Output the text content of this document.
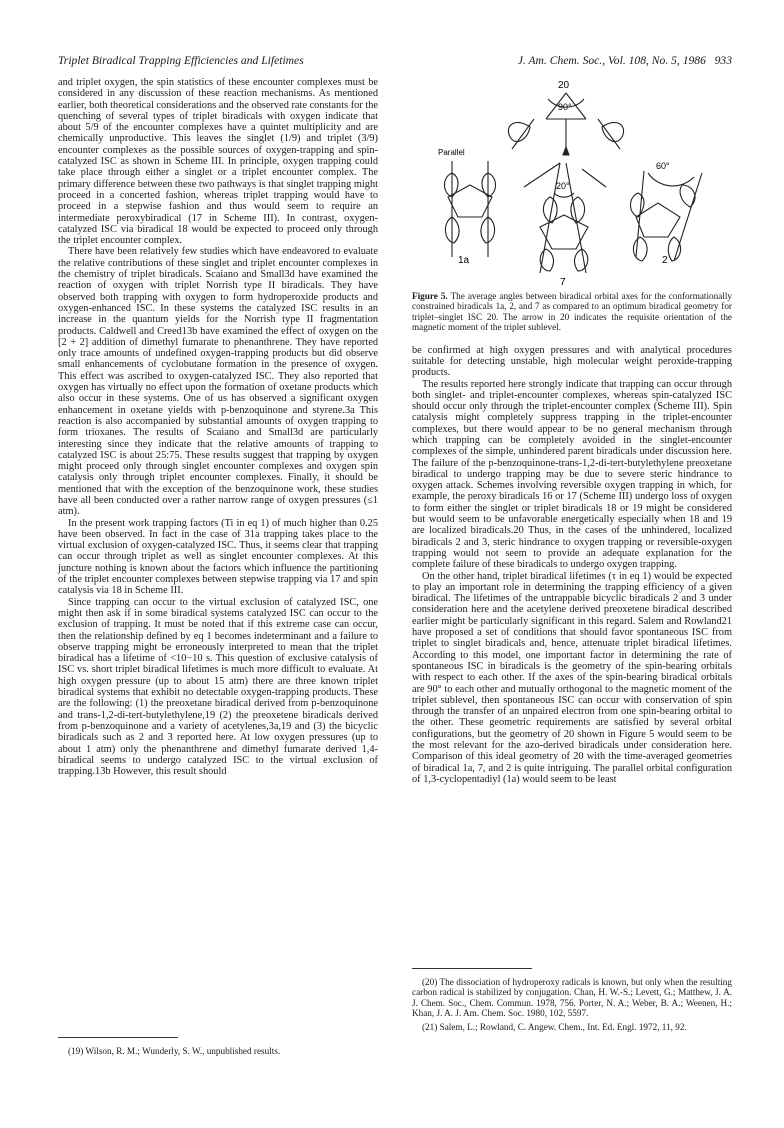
Triplet Biradical Trapping Efficiencies and Lifetimes	J. Am. Chem. Soc., Vol. 108, No. 5, 1986 933

and triplet oxygen, the spin statistics of these encounter complexes must be considered in any discussion of these reaction mechanisms. As mentioned earlier, both theoretical considerations and the observed rate constants for the quenching of several types of triplet biradicals with oxygen indicate that about 5/9 of the encounter complexes have a quintet multiplicity and are chemically unproductive. This leaves the singlet (1/9) and triplet (3/9) encounter complexes as the possible sources of oxygen-trapping and spin-catalyzed ISC as shown in Scheme III. In principle, oxygen trapping could take place through either a singlet or a triplet encounter complex. The primary difference between these two pathways is that singlet trapping might proceed in a concerted fashion, whereas triplet trapping would have to proceed in a stepwise fashion and thus would seem to require an intermediate peroxybiradical (17 in Scheme III). In contrast, oxygen-catalyzed ISC via biradical 18 would be expected to proceed only through the triplet encounter complex.

There have been relatively few studies which have endeavored to evaluate the relative contributions of these singlet and triplet encounter complexes in the chemistry of triplet biradicals. Scaiano and Small3d have examined the reaction of oxygen with triplet Norrish type II biradicals. They have observed both trapping with oxygen to form hydroperoxide products and oxygen-enhanced ISC. In these systems the catalyzed ISC results in an increase in the quantum yields for the Norrish type II fragmentation products. Caldwell and Creed13b have examined the effect of oxygen on the [2 + 2] addition of dimethyl fumarate to phenanthrene. They have reported only trace amounts of undefined oxygen-trapping products but did observe small enhancements of cyclobutane formation in the presence of oxygen. This effect was ascribed to oxygen-catalyzed ISC. They also reported that oxygen has virtually no effect upon the formation of oxetane products which also occur in these systems. One of us has observed a significant oxygen enhancement in oxetane yields with p-benzoquinone and styrene.3a This reaction is also accompanied by substantial amounts of oxygen trapping to form trioxanes. The results of Scaiano and Small3d are particularly interesting since they indicate that the relative amounts of trapping to catalyzed ISC is about 25:75. These results suggest that trapping by oxygen might proceed only through singlet encounter complexes and oxygen spin catalysis only through triplet encounter complexes. Finally, it should be mentioned that with the exception of the benzoquinone work, these studies have all been conducted over a rather narrow range of oxygen pressures (≤1 atm).

In the present work trapping factors (Ti in eq 1) of much higher than 0.25 have been observed. In fact in the case of 31a trapping takes place to the virtual exclusion of oxygen-catalyzed ISC. Thus, it seems clear that trapping can occur through triplet as well as singlet encounter complexes. At this juncture nothing is known about the factors which influence the partitioning of the triplet encounter complexes between stepwise trapping via 17 and spin catalysis via 18 in Scheme III.

Since trapping can occur to the virtual exclusion of catalyzed ISC, one might then ask if in some biradical systems catalyzed ISC can occur to the exclusion of trapping. It must be noted that if this extreme case can occur, then the relationship defined by eq 1 becomes indeterminant and a failure to observe trapping might be erroneously interpreted to mean that the triplet biradical has a lifetime of <10−10 s. This question of exclusive catalysis of ISC vs. short triplet biradical lifetimes is much more difficult to evaluate. At high oxygen pressure (up to about 15 atm) there are three known triplet biradical systems that exhibit no detectable oxygen-trapping products. These are the following: (1) the preoxetane biradical derived from p-benzoquinone and trans-1,2-di-tert-butylethylene,19 (2) the preoxetene biradicals derived from p-benzoquinone and a variety of acetylenes,3a,19 and (3) the bicyclic biradicals such as 2 and 3 reported here. At low oxygen pressures (up to about 1 atm) only the phenanthrene and dimethyl fumarate derived 1,4-biradical seems to undergo catalyzed ISC to the virtual exclusion of trapping.13b However, this result should

20
90°
Parallel
1a
20°
7
60°
2
Figure 5. The average angles between biradical orbital axes for the conformationally constrained biradicals 1a, 2, and 7 as compared to an optimum biradical geometry for triplet–singlet ISC 20. The arrow in 20 indicates the requisite orientation of the magnetic moment of the triplet sublevel.

be confirmed at high oxygen pressures and with analytical procedures suitable for detecting unstable, high molecular weight peroxide-trapping products.

The results reported here strongly indicate that trapping can occur through both singlet- and triplet-encounter complexes, whereas spin-catalyzed ISC should occur only through the triplet-encounter complex (Scheme III). Spin catalysis might completely suppress trapping in the triplet-encounter complexes, but there would appear to be no general mechanism through which trapping can be completely avoided in the singlet-encounter complexes of the simple, unhindered parent biradicals under discussion here. The failure of the p-benzoquinone-trans-1,2-di-tert-butylethylene preoxetane biradical to undergo trapping may be due to severe steric hindrance to oxygen attack. Schemes involving reversible oxygen trapping in which, for example, the peroxy biradicals 16 or 17 (Scheme III) undergo loss of oxygen to form either the singlet or triplet biradicals 18 or 19 might be considered but would seem to be unfavorable energetically especially when 18 and 19 are localized biradicals.20 Thus, in the cases of the unhindered, localized biradicals 2 and 3, steric hindrance to oxygen trapping or reversible-oxygen trapping would not seem to provide an adequate explanation for the complete failure of these biradicals to undergo oxygen trapping.

On the other hand, triplet biradical lifetimes (τ in eq 1) would be expected to play an important role in determining the trapping efficiency of a given biradical. The lifetimes of the untrappable bicyclic biradicals 2 and 3 under consideration here and the acetylene derived preoxetene biradical described earlier might be particularly significant in this regard. Salem and Rowland21 have proposed a set of conditions that should favor spontaneous ISC from triplet to singlet biradicals and, hence, attenuate triplet biradical lifetimes. According to this model, one important factor in determining the rate of spontaneous ISC in biradicals is the geometry of the spin-bearing orbitals with respect to each other. If the axes of the spin-bearing biradical orbitals are 90° to each other and mutually orthogonal to the magnetic moment of the triplet sublevel, then spontaneous ISC can occur with conservation of spin through the transfer of an unpaired electron from one spin-bearing orbital to the other. These geometric requirements are satisfied by several orbital configurations, but the geometry of 20 shown in Figure 5 would seem to be the most relevant for the azo-derived biradicals under consideration here. Comparison of this ideal geometry of 20 with the time-averaged geometries of biradical 1a, 7, and 2 is quite intriguing. The parallel orbital configuration of 1,3-cyclopentadiyl (1a) would seem to be least

(19) Wilson, R. M.; Wunderly, S. W., unpublished results.

(20) The dissociation of hydroperoxy radicals is known, but only when the resulting carbon radical is stabilized by conjugation. Chan, H. W.-S.; Levett, G.; Matthew, J. A. J. Chem. Soc., Chem. Commun. 1978, 756. Porter, N. A.; Weber, B. A.; Weenen, H.; Khan, J. A. J. Am. Chem. Soc. 1980, 102, 5597.

(21) Salem, L.; Rowland, C. Angew. Chem., Int. Ed. Engl. 1972, 11, 92.
